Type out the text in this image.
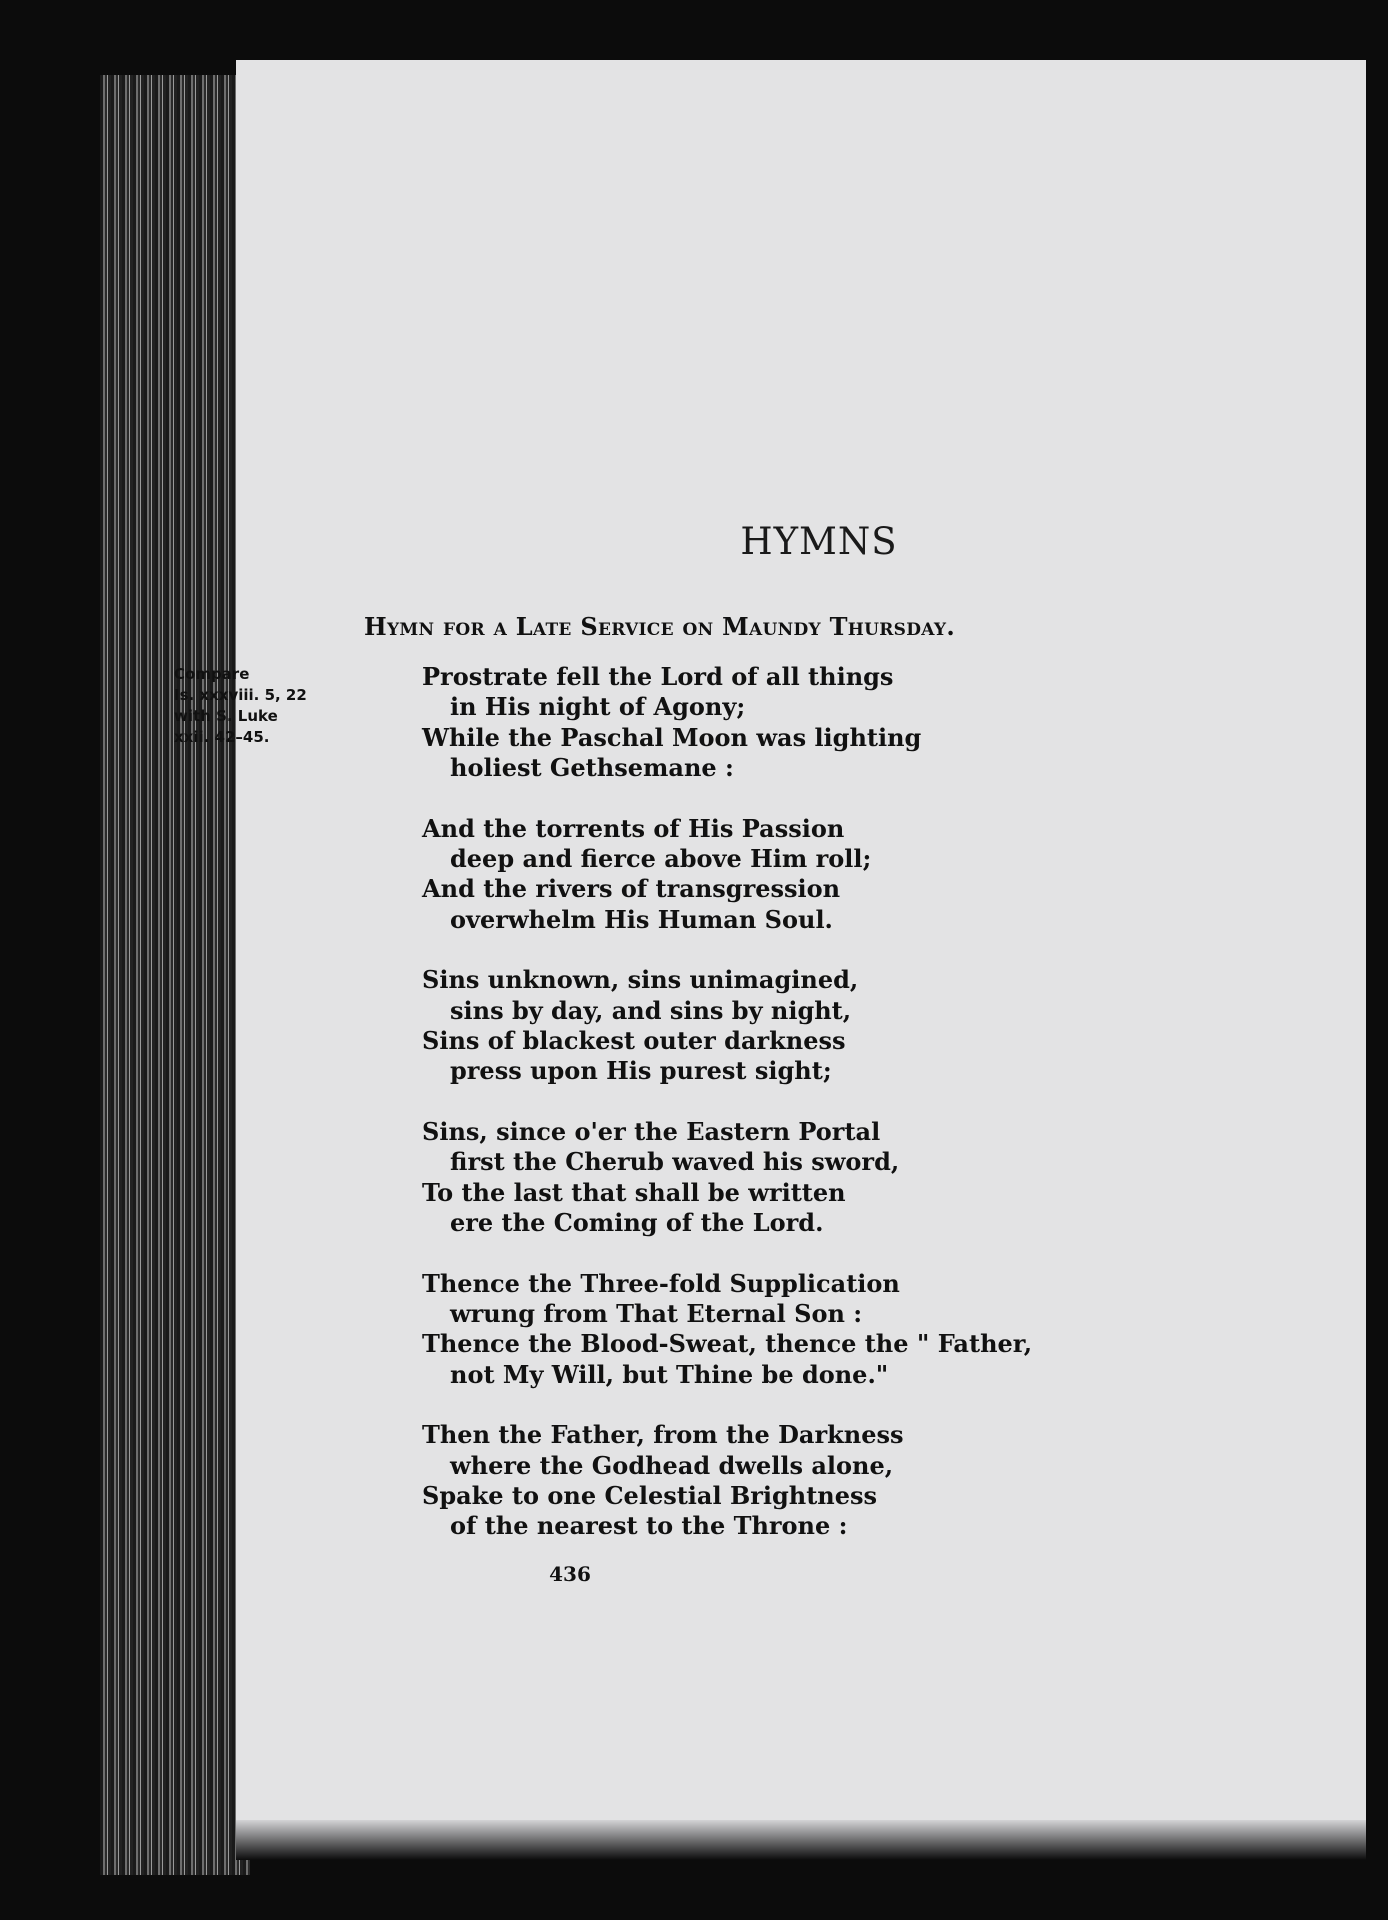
HYMNS
Hymn for a Late Service on Maundy Thursday.
Compare
Is. xxxviii. 5, 22
with S. Luke
xxii. 42–45.
Prostrate fell the Lord of all things
in His night of Agony;
While the Paschal Moon was lighting
holiest Gethsemane :
And the torrents of His Passion
deep and fierce above Him roll;
And the rivers of transgression
overwhelm His Human Soul.
Sins unknown, sins unimagined,
sins by day, and sins by night,
Sins of blackest outer darkness
press upon His purest sight;
Sins, since o'er the Eastern Portal
first the Cherub waved his sword,
To the last that shall be written
ere the Coming of the Lord.
Thence the Three-fold Supplication
wrung from That Eternal Son :
Thence the Blood-Sweat, thence the " Father,
not My Will, but Thine be done."
Then the Father, from the Darkness
where the Godhead dwells alone,
Spake to one Celestial Brightness
of the nearest to the Throne :
436
